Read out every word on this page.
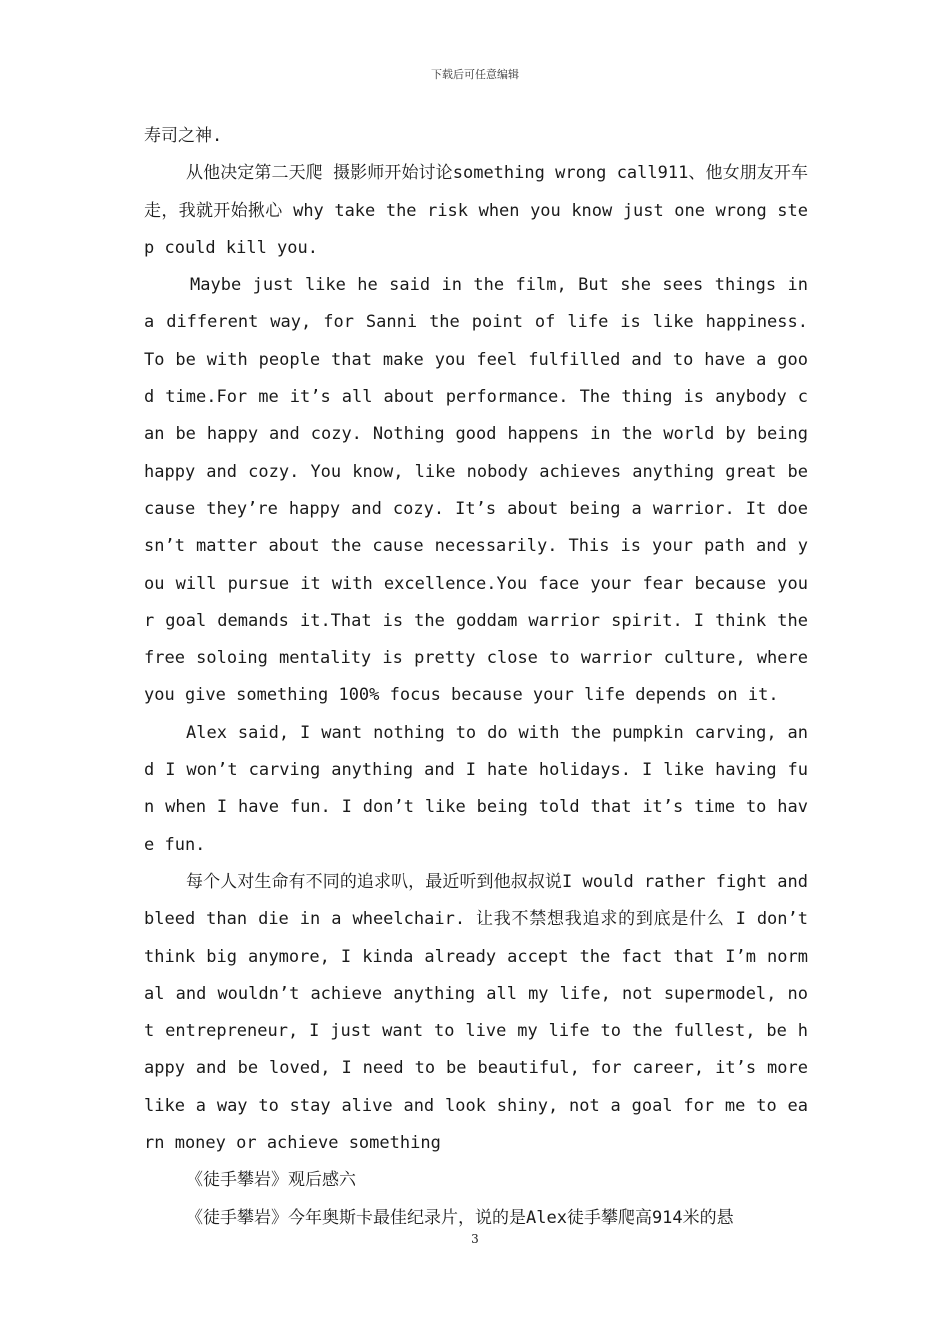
下载后可任意编辑

寿司之神.

从他决定第二天爬 摄影师开始讨论something wrong call911、他女朋友开车走，我就开始揪心 why take the risk when you know just one wrong step could kill you.

Maybe just like he said in the film, But she sees things in a different way, for Sanni the point of life is like happiness. To be with people that make you feel fulfilled and to have a good time.For me it’s all about performance. The thing is anybody can be happy and cozy. Nothing good happens in the world by being happy and cozy. You know, like nobody achieves anything great because they’re happy and cozy. It’s about being a warrior. It doesn’t matter about the cause necessarily. This is your path and you will pursue it with excellence.You face your fear because your goal demands it.That is the goddam warrior spirit. I think the free soloing mentality is pretty close to warrior culture, where you give something 100% focus because your life depends on it.

Alex said, I want nothing to do with the pumpkin carving, and I won’t carving anything and I hate holidays. I like having fun when I have fun. I don’t like being told that it’s time to have fun.

每个人对生命有不同的追求叭，最近听到他叔叔说I would rather fight and bleed than die in a wheelchair. 让我不禁想我追求的到底是什么 I don’t think big anymore, I kinda already accept the fact that I’m normal and wouldn’t achieve anything all my life, not supermodel, not entrepreneur, I just want to live my life to the fullest, be happy and be loved, I need to be beautiful, for career, it’s more like a way to stay alive and look shiny, not a goal for me to earn money or achieve something

《徒手攀岩》观后感六

《徒手攀岩》今年奥斯卡最佳纪录片，说的是Alex徒手攀爬高914米的悬

3
